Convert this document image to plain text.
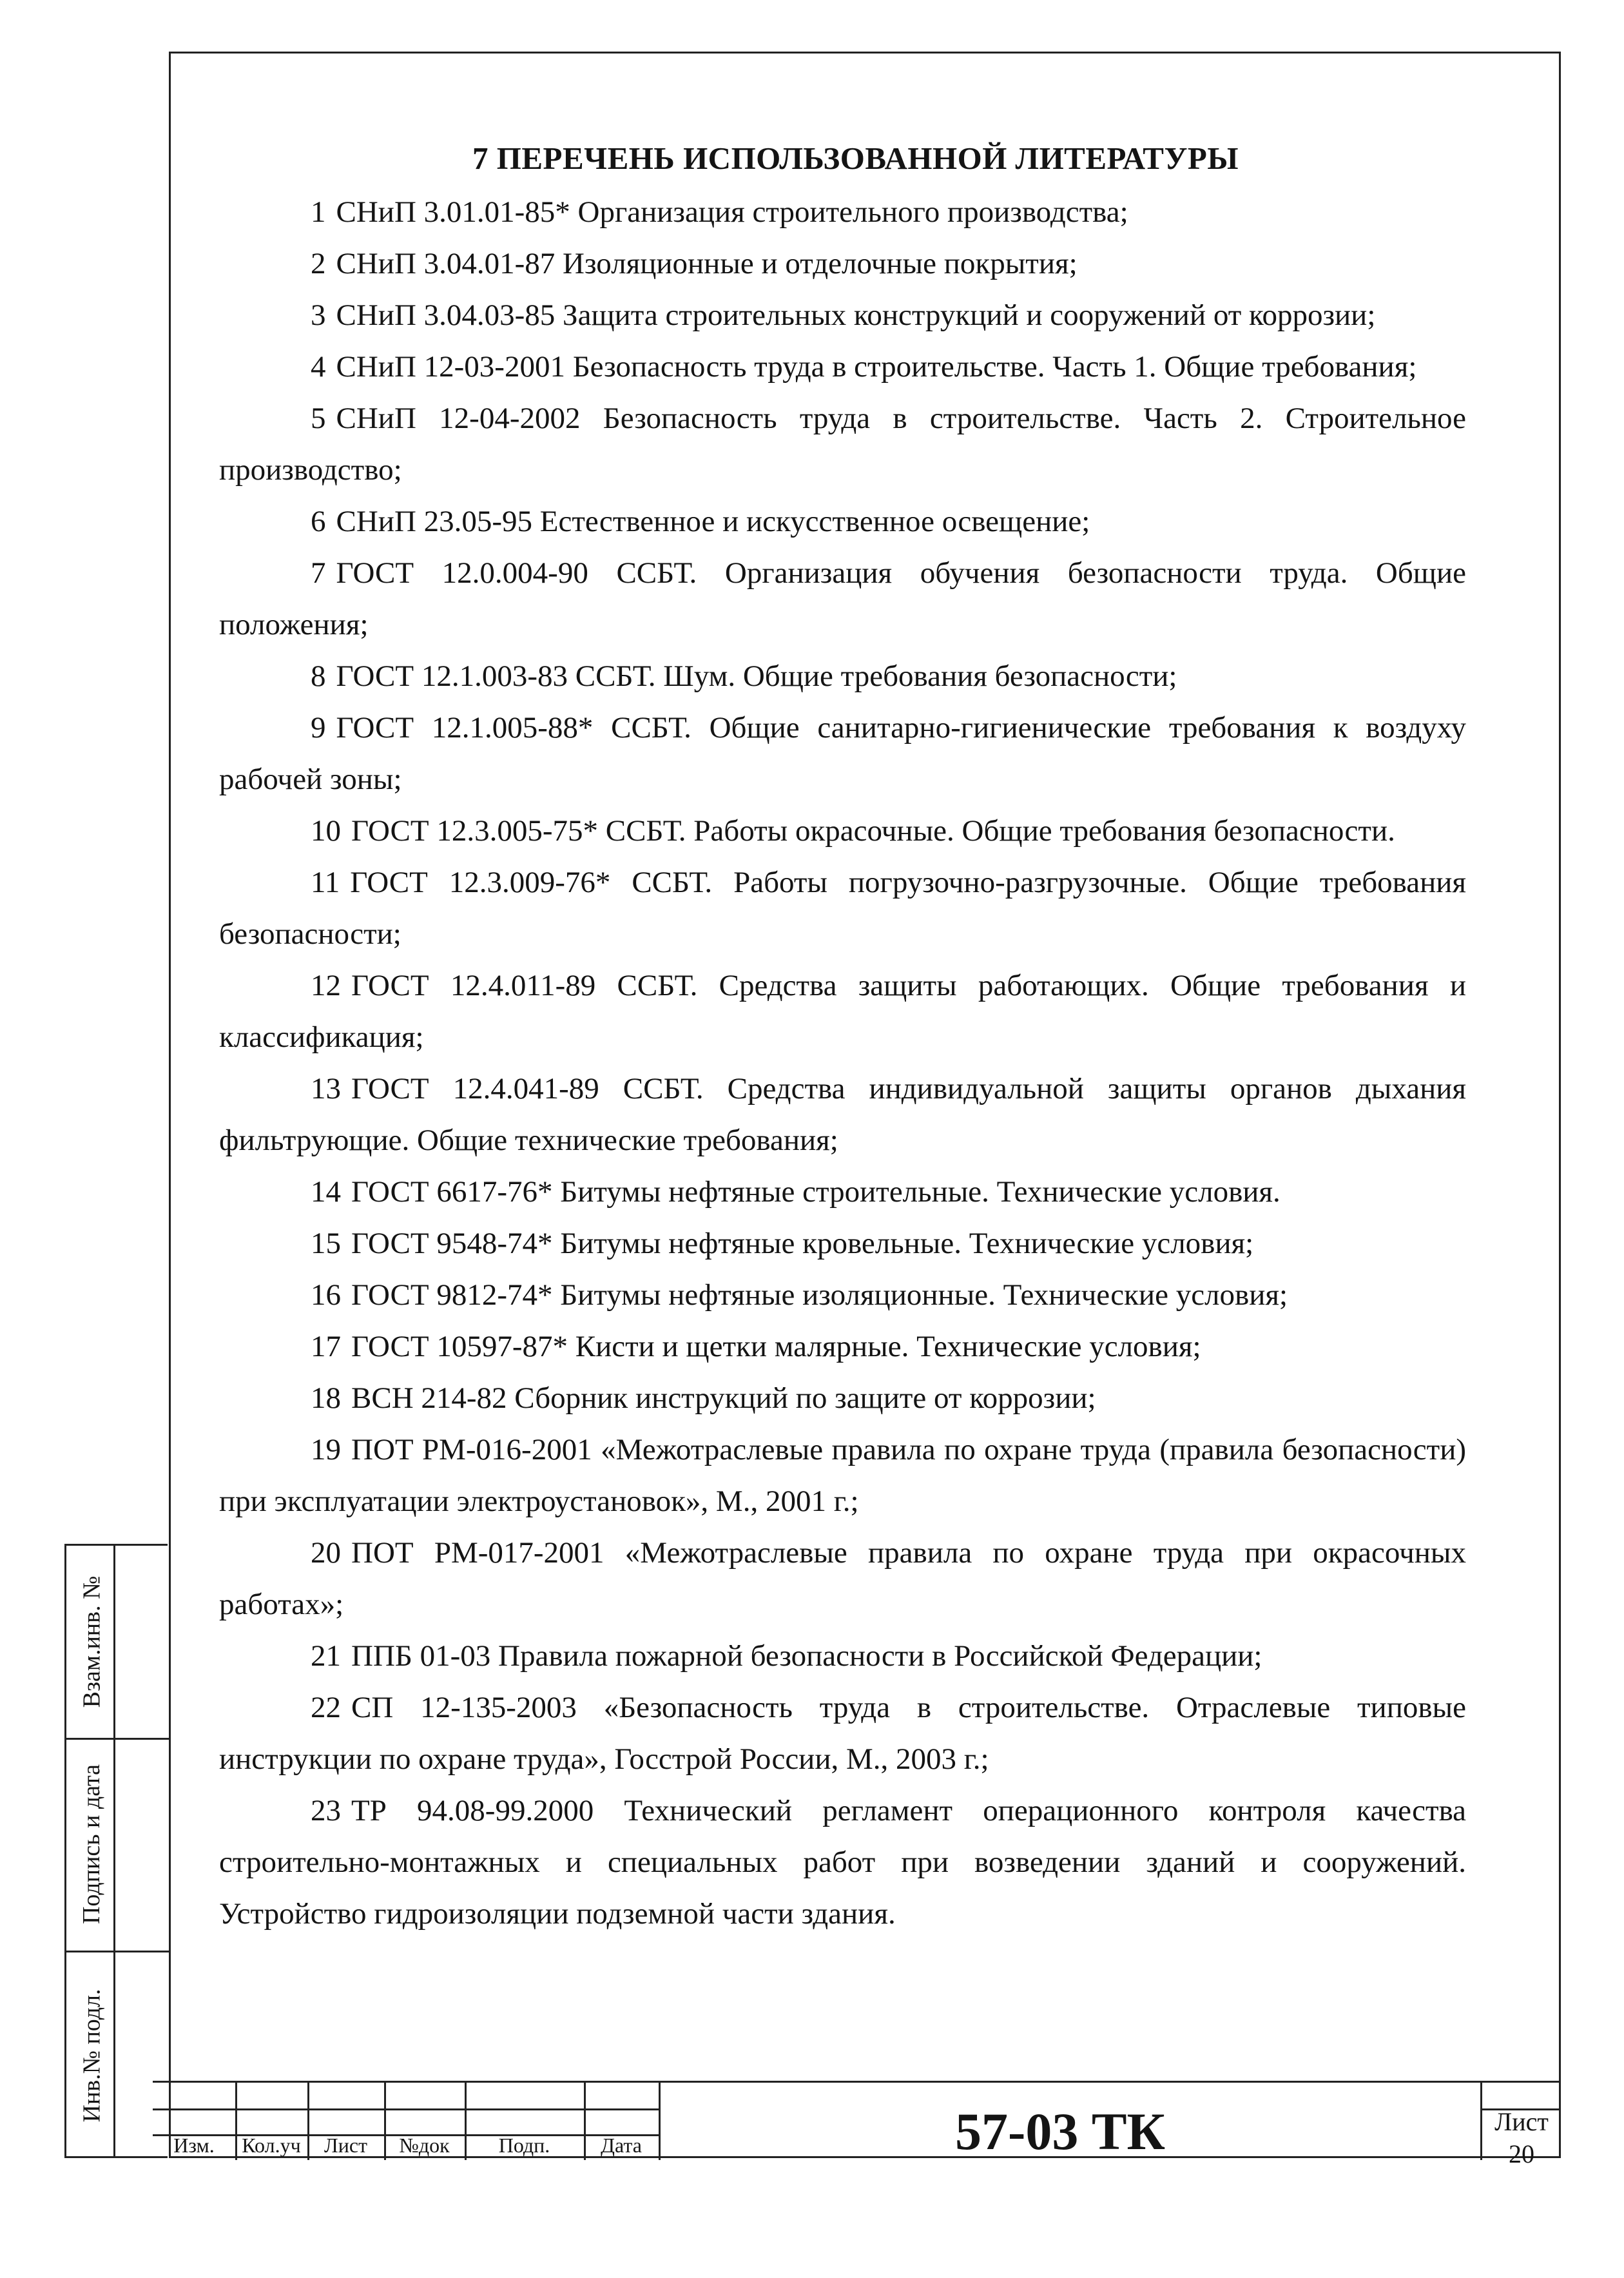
7 ПЕРЕЧЕНЬ ИСПОЛЬЗОВАННОЙ ЛИТЕРАТУРЫ

1 СНиП 3.01.01-85* Организация строительного производства;

2 СНиП 3.04.01-87 Изоляционные и отделочные покрытия;

3 СНиП 3.04.03-85 Защита строительных конструкций и сооружений от коррозии;

4 СНиП 12-03-2001 Безопасность труда в строительстве. Часть 1. Общие требования;

5 СНиП 12-04-2002 Безопасность труда в строительстве. Часть 2. Строительное производство;

6 СНиП 23.05-95 Естественное и искусственное освещение;

7 ГОСТ 12.0.004-90 ССБТ. Организация обучения безопасности труда. Общие положения;

8 ГОСТ 12.1.003-83 ССБТ. Шум. Общие требования безопасности;

9 ГОСТ 12.1.005-88* ССБТ. Общие санитарно-гигиенические требования к воздуху рабочей зоны;

10 ГОСТ 12.3.005-75* ССБТ. Работы окрасочные. Общие требования безопасности.

11 ГОСТ 12.3.009-76* ССБТ. Работы погрузочно-разгрузочные. Общие требования безопасности;

12 ГОСТ 12.4.011-89 ССБТ. Средства защиты работающих. Общие требования и классификация;

13 ГОСТ 12.4.041-89 ССБТ. Средства индивидуальной защиты органов дыхания фильтрующие. Общие технические требования;

14 ГОСТ 6617-76* Битумы нефтяные строительные. Технические условия.

15 ГОСТ 9548-74* Битумы нефтяные кровельные. Технические условия;

16 ГОСТ 9812-74* Битумы нефтяные изоляционные. Технические условия;

17 ГОСТ 10597-87* Кисти и щетки малярные. Технические условия;

18 ВСН 214-82 Сборник инструкций по защите от коррозии;

19 ПОТ РМ-016-2001 «Межотраслевые правила по охране труда (правила безопасности) при эксплуатации электроустановок», М., 2001 г.;

20 ПОТ РМ-017-2001 «Межотраслевые правила по охране труда при окрасочных работах»;

21 ППБ 01-03 Правила пожарной безопасности в Российской Федерации;

22 СП 12-135-2003 «Безопасность труда в строительстве. Отраслевые типовые инструкции по охране труда», Госстрой России, М., 2003 г.;

23 ТР 94.08-99.2000 Технический регламент операционного контроля качества строительно-монтажных и специальных работ при возведении зданий и сооружений. Устройство гидроизоляции подземной части здания.

Взам.инв. №
Подпись и дата
Инв.№ подл.
Изм.	Кол.уч	Лист	№док	Подп.	Дата	57-03 ТК	Лист
20
